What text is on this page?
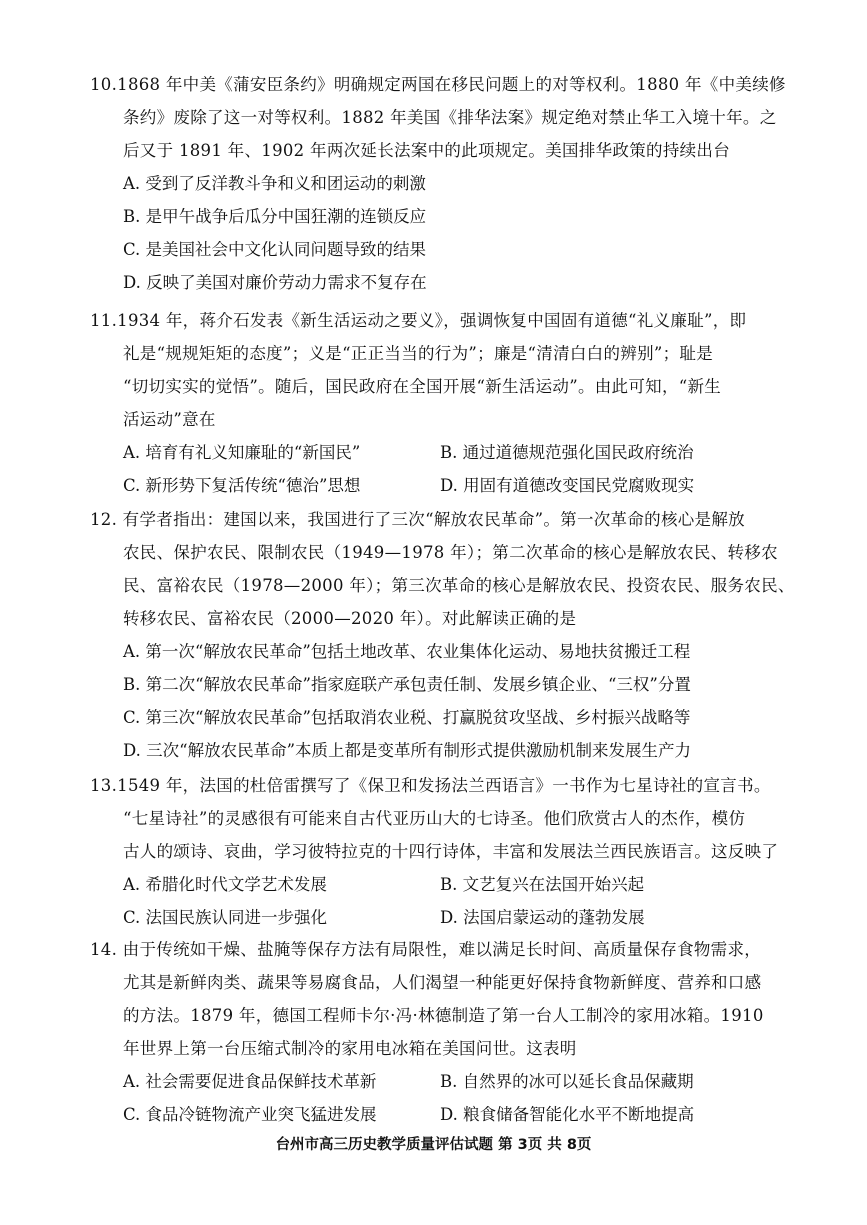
10.1868 年中美《蒲安臣条约》明确规定两国在移民问题上的对等权利。1880 年《中美续修
条约》废除了这一对等权利。1882 年美国《排华法案》规定绝对禁止华工入境十年。之
后又于 1891 年、1902 年两次延长法案中的此项规定。美国排华政策的持续出台
A. 受到了反洋教斗争和义和团运动的刺激
B. 是甲午战争后瓜分中国狂潮的连锁反应
C. 是美国社会中文化认同问题导致的结果
D. 反映了美国对廉价劳动力需求不复存在
11.1934 年，蒋介石发表《新生活运动之要义》，强调恢复中国固有道德“礼义廉耻”，即
礼是“规规矩矩的态度”；义是“正正当当的行为”；廉是“清清白白的辨别”；耻是
“切切实实的觉悟”。随后，国民政府在全国开展“新生活运动”。由此可知，“新生
活运动”意在
A. 培育有礼义知廉耻的“新国民”	B. 通过道德规范强化国民政府统治
C. 新形势下复活传统“德治”思想	D. 用固有道德改变国民党腐败现实
12. 有学者指出：建国以来，我国进行了三次“解放农民革命”。第一次革命的核心是解放
农民、保护农民、限制农民（1949—1978 年）；第二次革命的核心是解放农民、转移农
民、富裕农民（1978—2000 年）；第三次革命的核心是解放农民、投资农民、服务农民、
转移农民、富裕农民（2000—2020 年）。对此解读正确的是
A. 第一次“解放农民革命”包括土地改革、农业集体化运动、易地扶贫搬迁工程
B. 第二次“解放农民革命”指家庭联产承包责任制、发展乡镇企业、“三权”分置
C. 第三次“解放农民革命”包括取消农业税、打赢脱贫攻坚战、乡村振兴战略等
D. 三次“解放农民革命”本质上都是变革所有制形式提供激励机制来发展生产力
13.1549 年，法国的杜倍雷撰写了《保卫和发扬法兰西语言》一书作为七星诗社的宣言书。
“七星诗社”的灵感很有可能来自古代亚历山大的七诗圣。他们欣赏古人的杰作，模仿
古人的颂诗、哀曲，学习彼特拉克的十四行诗体，丰富和发展法兰西民族语言。这反映了
A. 希腊化时代文学艺术发展	B. 文艺复兴在法国开始兴起
C. 法国民族认同进一步强化	D. 法国启蒙运动的蓬勃发展
14. 由于传统如干燥、盐腌等保存方法有局限性，难以满足长时间、高质量保存食物需求，
尤其是新鲜肉类、蔬果等易腐食品，人们渴望一种能更好保持食物新鲜度、营养和口感
的方法。1879 年，德国工程师卡尔·冯·林德制造了第一台人工制冷的家用冰箱。1910
年世界上第一台压缩式制冷的家用电冰箱在美国问世。这表明
A. 社会需要促进食品保鲜技术革新	B. 自然界的冰可以延长食品保藏期
C. 食品冷链物流产业突飞猛进发展	D. 粮食储备智能化水平不断地提高
台州市高三历史教学质量评估试题 第 3页 共 8页
